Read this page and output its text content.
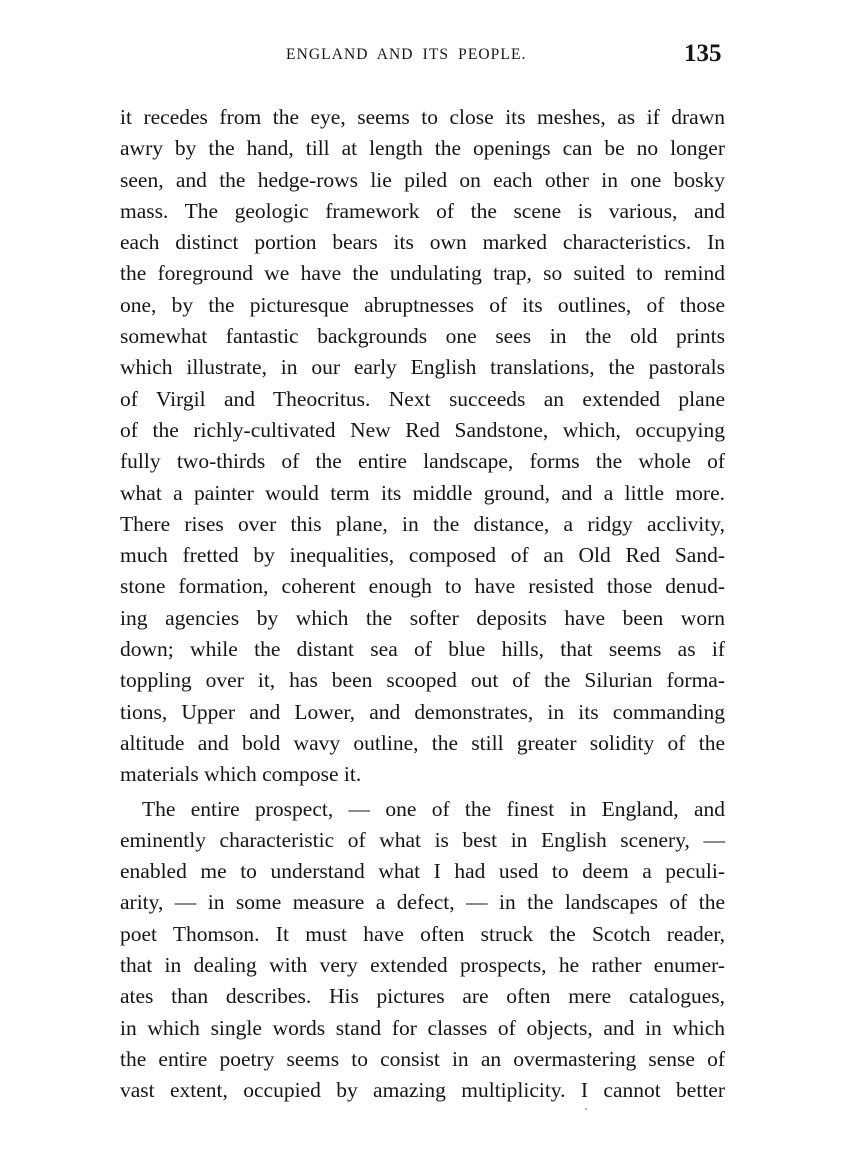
ENGLAND AND ITS PEOPLE.	135
it recedes from the eye, seems to close its meshes, as if drawn
awry by the hand, till at length the openings can be no longer
seen, and the hedge-rows lie piled on each other in one bosky
mass. The geologic framework of the scene is various, and
each distinct portion bears its own marked characteristics. In
the foreground we have the undulating trap, so suited to remind
one, by the picturesque abruptnesses of its outlines, of those
somewhat fantastic backgrounds one sees in the old prints
which illustrate, in our early English translations, the pastorals
of Virgil and Theocritus. Next succeeds an extended plane
of the richly-cultivated New Red Sandstone, which, occupying
fully two-thirds of the entire landscape, forms the whole of
what a painter would term its middle ground, and a little more.
There rises over this plane, in the distance, a ridgy acclivity,
much fretted by inequalities, composed of an Old Red Sand-
stone formation, coherent enough to have resisted those denud-
ing agencies by which the softer deposits have been worn
down; while the distant sea of blue hills, that seems as if
toppling over it, has been scooped out of the Silurian forma-
tions, Upper and Lower, and demonstrates, in its commanding
altitude and bold wavy outline, the still greater solidity of the
materials which compose it.
The entire prospect, — one of the finest in England, and
eminently characteristic of what is best in English scenery, —
enabled me to understand what I had used to deem a peculi-
arity, — in some measure a defect, — in the landscapes of the
poet Thomson. It must have often struck the Scotch reader,
that in dealing with very extended prospects, he rather enumer-
ates than describes. His pictures are often mere catalogues,
in which single words stand for classes of objects, and in which
the entire poetry seems to consist in an overmastering sense of
vast extent, occupied by amazing multiplicity. I cannot better
